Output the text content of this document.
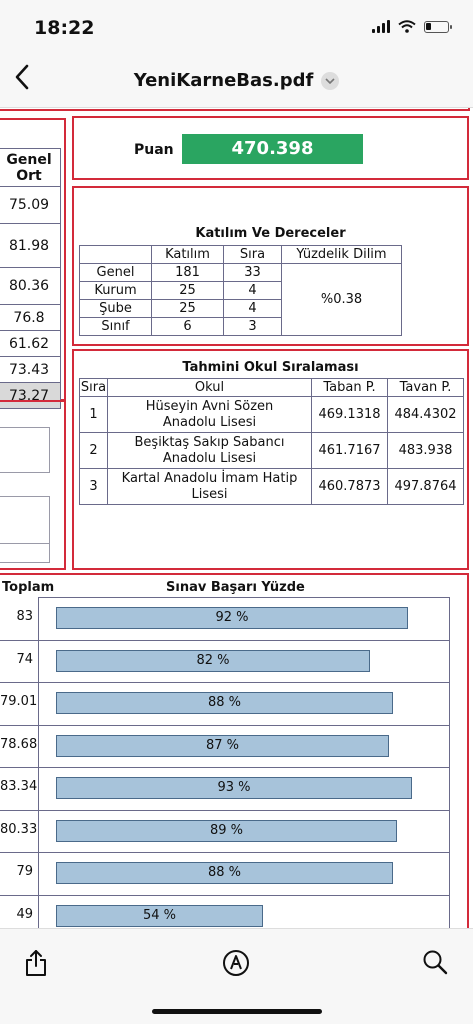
18:22
YeniKarneBas.pdf
Genel
Ort
75.09
81.98
80.36
76.8
61.62
73.43
73.27
Puan	470.398
Katılım Ve Dereceler
	Katılım	Sıra	Yüzdelik Dilim
Genel	181	33	%0.38
Kurum	25	4	
Şube	25	4	
Sınıf	6	3	
Tahmini Okul Sıralaması
Sıra	Okul	Taban P.	Tavan P.
1	Hüseyin Avni Sözen Anadolu Lisesi	469.1318	484.4302
2	Beşiktaş Sakıp Sabancı Anadolu Lisesi	461.7167	483.938
3	Kartal Anadolu İmam Hatip Lisesi	460.7873	497.8764
Toplam	Sınav Başarı Yüzde
83	92 %
74	82 %
79.01	88 %
78.68	87 %
83.34	93 %
80.33	89 %
79	88 %
49	54 %
